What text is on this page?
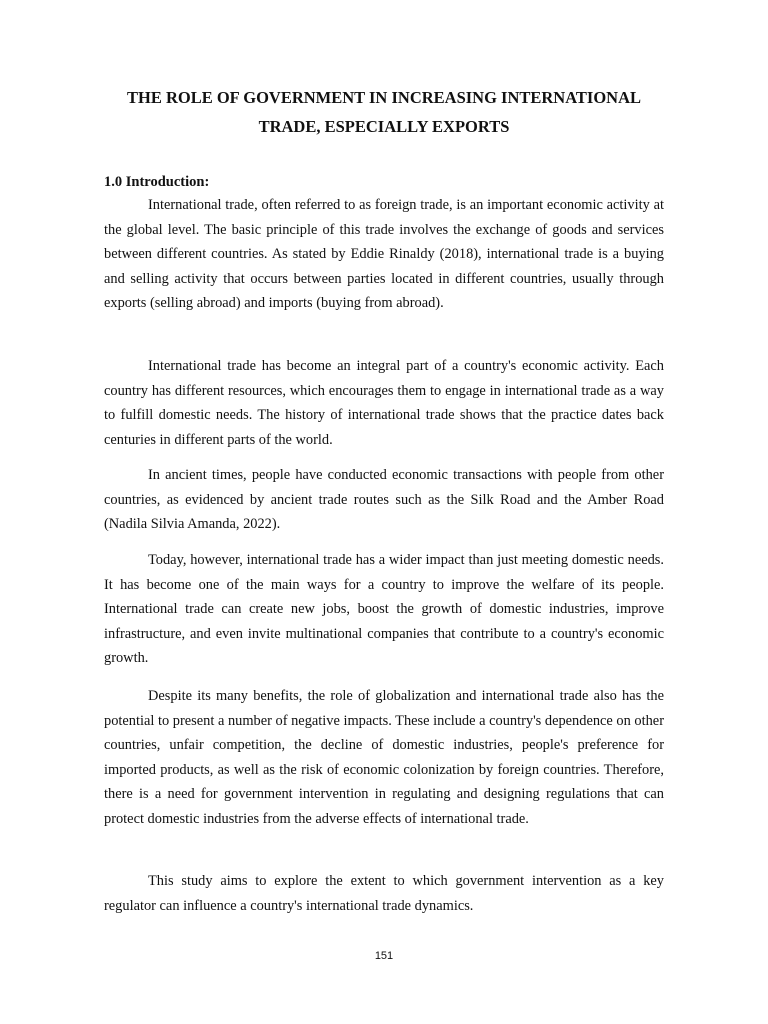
THE ROLE OF GOVERNMENT IN INCREASING INTERNATIONAL
TRADE, ESPECIALLY EXPORTS
1.0 Introduction:

International trade, often referred to as foreign trade, is an important economic activity at the global level. The basic principle of this trade involves the exchange of goods and services between different countries. As stated by Eddie Rinaldy (2018), international trade is a buying and selling activity that occurs between parties located in different countries, usually through exports (selling abroad) and imports (buying from abroad).

International trade has become an integral part of a country's economic activity. Each country has different resources, which encourages them to engage in international trade as a way to fulfill domestic needs. The history of international trade shows that the practice dates back centuries in different parts of the world.

In ancient times, people have conducted economic transactions with people from other countries, as evidenced by ancient trade routes such as the Silk Road and the Amber Road (Nadila Silvia Amanda, 2022).

Today, however, international trade has a wider impact than just meeting domestic needs. It has become one of the main ways for a country to improve the welfare of its people. International trade can create new jobs, boost the growth of domestic industries, improve infrastructure, and even invite multinational companies that contribute to a country's economic growth.

Despite its many benefits, the role of globalization and international trade also has the potential to present a number of negative impacts. These include a country's dependence on other countries, unfair competition, the decline of domestic industries, people's preference for imported products, as well as the risk of economic colonization by foreign countries. Therefore, there is a need for government intervention in regulating and designing regulations that can protect domestic industries from the adverse effects of international trade.

This study aims to explore the extent to which government intervention as a key regulator can influence a country's international trade dynamics.

151
